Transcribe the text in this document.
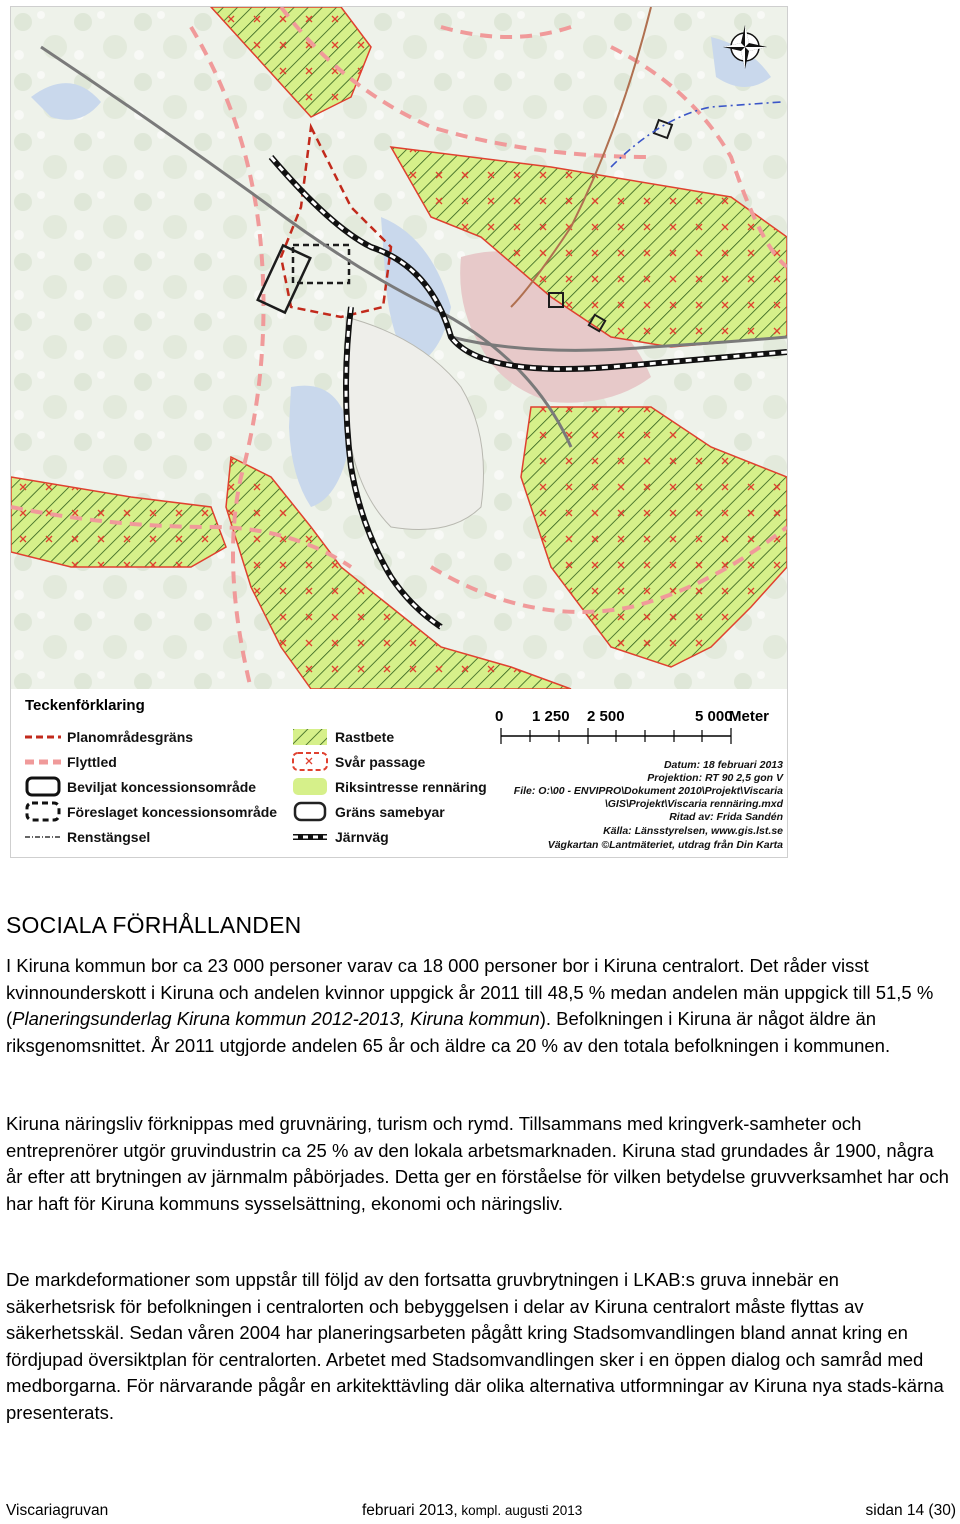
Teckenförklaring
Planområdesgräns
Flyttled
Beviljat koncessionsområde
Föreslaget koncessionsområde
Renstängsel
Rastbete
Svår passage
Riksintresse rennäring
Gräns samebyar
Järnväg
0 1 250 2 500	5 000
Meter
Datum: 18 februari 2013
Projektion: RT 90 2,5 gon V
File: O:\00 - ENVIPRO\Dokument 2010\Projekt\Viscaria
\GIS\Projekt\Viscaria rennäring.mxd
Ritad av: Frida Sandén
Källa: Länsstyrelsen, www.gis.lst.se
Vägkartan ©Lantmäteriet, utdrag från Din Karta
SOCIALA FÖRHÅLLANDEN

I Kiruna kommun bor ca 23 000 personer varav ca 18 000 personer bor i Kiruna centralort. Det råder visst kvinnounderskott i Kiruna och andelen kvinnor uppgick år 2011 till 48,5 % medan andelen män uppgick till 51,5 % (Planeringsunderlag Kiruna kommun 2012-2013, Kiruna kommun). Befolkningen i Kiruna är något äldre än riksgenomsnittet. År 2011 utgjorde andelen 65 år och äldre ca 20 % av den totala befolkningen i kommunen.

Kiruna näringsliv förknippas med gruvnäring, turism och rymd. Tillsammans med kringverk-samheter och entreprenörer utgör gruvindustrin ca 25 % av den lokala arbetsmarknaden. Kiruna stad grundades år 1900, några år efter att brytningen av järnmalm påbörjades. Detta ger en förståelse för vilken betydelse gruvverksamhet har och har haft för Kiruna kommuns sysselsättning, ekonomi och näringsliv.

De markdeformationer som uppstår till följd av den fortsatta gruvbrytningen i LKAB:s gruva innebär en säkerhetsrisk för befolkningen i centralorten och bebyggelsen i delar av Kiruna centralort måste flyttas av säkerhetsskäl. Sedan våren 2004 har planeringsarbeten pågått kring Stadsomvandlingen bland annat kring en fördjupad översiktplan för centralorten. Arbetet med Stadsomvandlingen sker i en öppen dialog och samråd med medborgarna. För närvarande pågår en arkitekttävling där olika alternativa utformningar av Kiruna nya stads-kärna presenterats.

Viscariagruvan	februari 2013, kompl. augusti 2013	sidan 14 (30)
